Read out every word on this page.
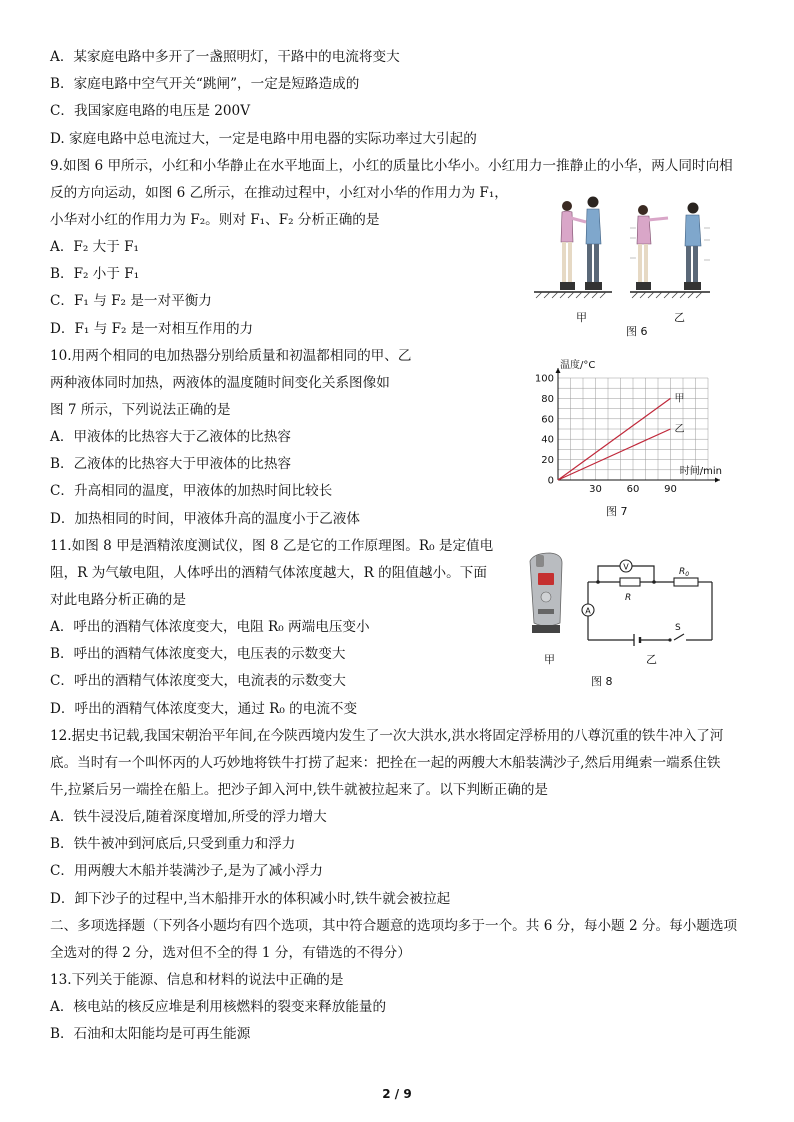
A．某家庭电路中多开了一盏照明灯，干路中的电流将变大
B．家庭电路中空气开关“跳闸”，一定是短路造成的
C．我国家庭电路的电压是 200V
D. 家庭电路中总电流过大，一定是电路中用电器的实际功率过大引起的
9.如图 6 甲所示，小红和小华静止在水平地面上，小红的质量比小华小。小红用力一推静止的小华，两人同时向相
反的方向运动，如图 6 乙所示，在推动过程中，小红对小华的作用力为 F₁，
小华对小红的作用力为 F₂。则对 F₁、F₂ 分析正确的是
A．F₂ 大于 F₁
B．F₂ 小于 F₁
C．F₁ 与 F₂ 是一对平衡力
D．F₁ 与 F₂ 是一对相互作用的力
10.用两个相同的电加热器分别给质量和初温都相同的甲、乙
两种液体同时加热，两液体的温度随时间变化关系图像如
图 7 所示，下列说法正确的是
A．甲液体的比热容大于乙液体的比热容
B．乙液体的比热容大于甲液体的比热容
C．升高相同的温度，甲液体的加热时间比较长
D．加热相同的时间，甲液体升高的温度小于乙液体
11.如图 8 甲是酒精浓度测试仪，图 8 乙是它的工作原理图。R₀ 是定值电
阻，R 为气敏电阻，人体呼出的酒精气体浓度越大，R 的阻值越小。下面
对此电路分析正确的是
A．呼出的酒精气体浓度变大，电阻 R₀ 两端电压变小
B．呼出的酒精气体浓度变大，电压表的示数变大
C．呼出的酒精气体浓度变大，电流表的示数变大
D．呼出的酒精气体浓度变大，通过 R₀ 的电流不变
12.据史书记载,我国宋朝治平年间,在今陕西境内发生了一次大洪水,洪水将固定浮桥用的八尊沉重的铁牛冲入了河
底。当时有一个叫怀丙的人巧妙地将铁牛打捞了起来：把拴在一起的两艘大木船装满沙子,然后用绳索一端系住铁
牛,拉紧后另一端拴在船上。把沙子卸入河中,铁牛就被拉起来了。以下判断正确的是
A．铁牛浸没后,随着深度增加,所受的浮力增大
B．铁牛被冲到河底后,只受到重力和浮力
C．用两艘大木船并装满沙子,是为了减小浮力
D．卸下沙子的过程中,当木船排开水的体积减小时,铁牛就会被拉起
二、多项选择题（下列各小题均有四个选项，其中符合题意的选项均多于一个。共 6 分，每小题 2 分。每小题选项
全选对的得 2 分，选对但不全的得 1 分，有错选的不得分）
13.下列关于能源、信息和材料的说法中正确的是
A．核电站的核反应堆是利用核燃料的裂变来释放能量的
B．石油和太阳能均是可再生能源
甲	乙
图 6
0
20
40
60
80
100
30 60 90
温度/°C
时间/min
甲
乙
图 7
甲
V
R
$R_0$
A
S
乙
图 8
2 / 9
